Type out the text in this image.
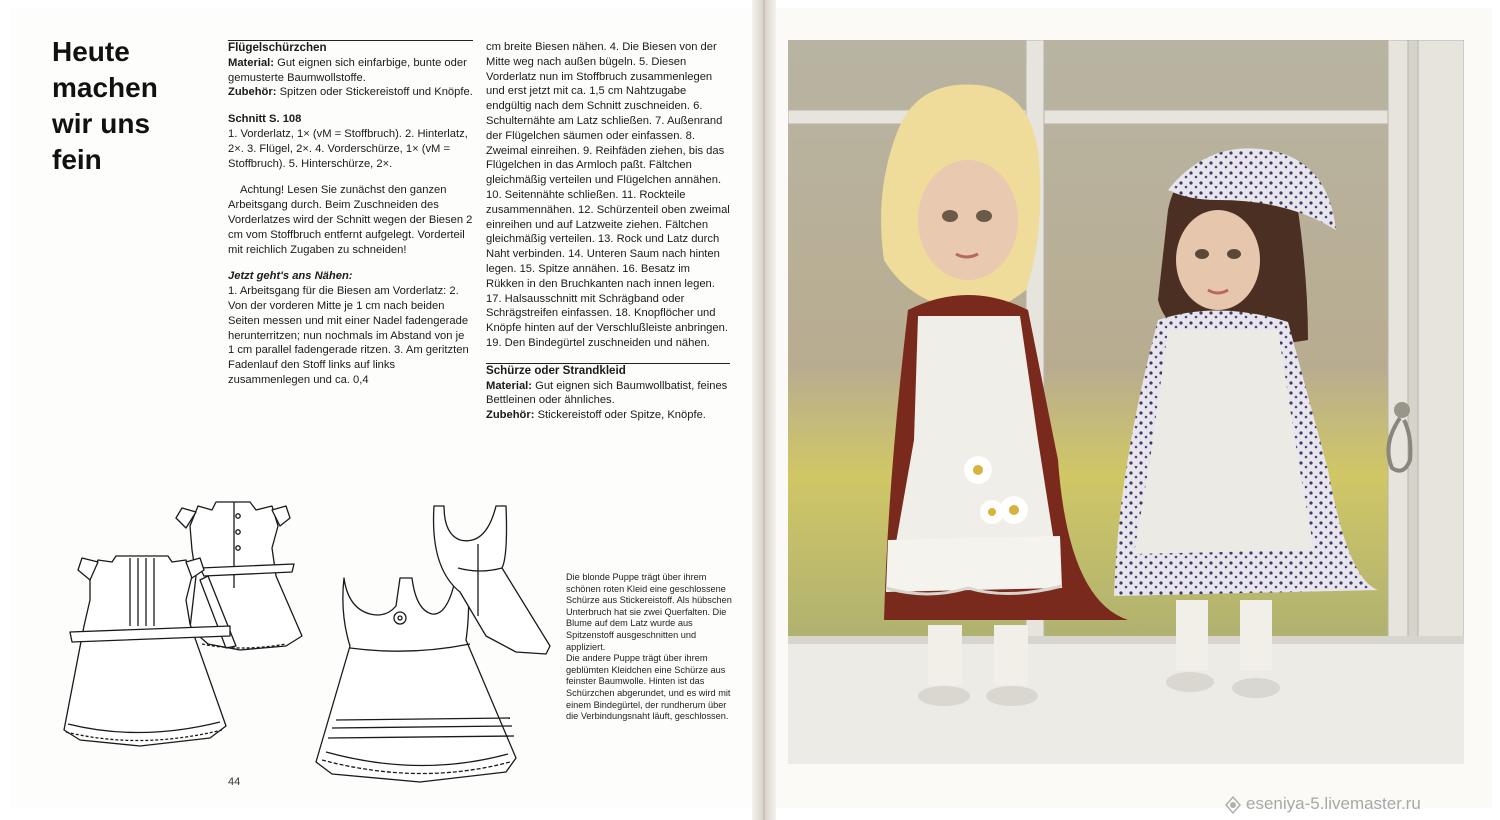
Heute
machen
wir uns
fein

Flügelschürzchen

Material: Gut eignen sich einfarbige, bunte oder gemusterte Baumwollstoffe.

Zubehör: Spitzen oder Stickereistoff und Knöpfe.

Schnitt S. 108

1. Vorderlatz, 1× (vM = Stoffbruch). 2. Hinterlatz, 2×. 3. Flügel, 2×. 4. Vorderschürze, 1× (vM = Stoffbruch). 5. Hinterschürze, 2×.

Achtung! Lesen Sie zunächst den ganzen Arbeitsgang durch. Beim Zuschneiden des Vorderlatzes wird der Schnitt wegen der Biesen 2 cm vom Stoffbruch entfernt aufgelegt. Vorderteil mit reichlich Zugaben zu schneiden!

Jetzt geht's ans Nähen:

1. Arbeitsgang für die Biesen am Vorderlatz: 2. Von der vorderen Mitte je 1 cm nach beiden Seiten messen und mit einer Nadel fadengerade herunterritzen; nun nochmals im Abstand von je 1 cm parallel fadengerade ritzen. 3. Am geritzten Fadenlauf den Stoff links auf links zusammenlegen und ca. 0,4

cm breite Biesen nähen. 4. Die Biesen von der Mitte weg nach außen bügeln. 5. Diesen Vorderlatz nun im Stoffbruch zusammenlegen und erst jetzt mit ca. 1,5 cm Nahtzugabe endgültig nach dem Schnitt zuschneiden. 6. Schulternähte am Latz schließen. 7. Außenrand der Flügelchen säumen oder einfassen. 8. Zweimal einreihen. 9. Reihfäden ziehen, bis das Flügelchen in das Armloch paßt. Fältchen gleichmäßig verteilen und Flügelchen annähen. 10. Seitennähte schließen. 11. Rockteile zusammennähen. 12. Schürzenteil oben zweimal einreihen und auf Latzweite ziehen. Fältchen gleichmäßig verteilen. 13. Rock und Latz durch Naht verbinden. 14. Unteren Saum nach hinten legen. 15. Spitze annähen. 16. Besatz im Rükken in den Bruchkanten nach innen legen. 17. Halsausschnitt mit Schrägband oder Schrägstreifen einfassen. 18. Knopflöcher und Knöpfe hinten auf der Verschlußleiste anbringen. 19. Den Bindegürtel zuschneiden und nähen.

Schürze oder Strandkleid

Material: Gut eignen sich Baumwollbatist, feines Bettleinen oder ähnliches.

Zubehör: Stickereistoff oder Spitze, Knöpfe.

Die blonde Puppe trägt über ihrem schönen roten Kleid eine geschlossene Schürze aus Stickereistoff. Als hübschen Unterbruch hat sie zwei Querfalten. Die Blume auf dem Latz wurde aus Spitzenstoff ausgeschnitten und appliziert.

Die andere Puppe trägt über ihrem geblümten Kleidchen eine Schürze aus feinster Baumwolle. Hinten ist das Schürzchen abgerundet, und es wird mit einem Bindegürtel, der rundherum über die Verbindungsnaht läuft, geschlossen.

44
eseniya-5.livemaster.ru
